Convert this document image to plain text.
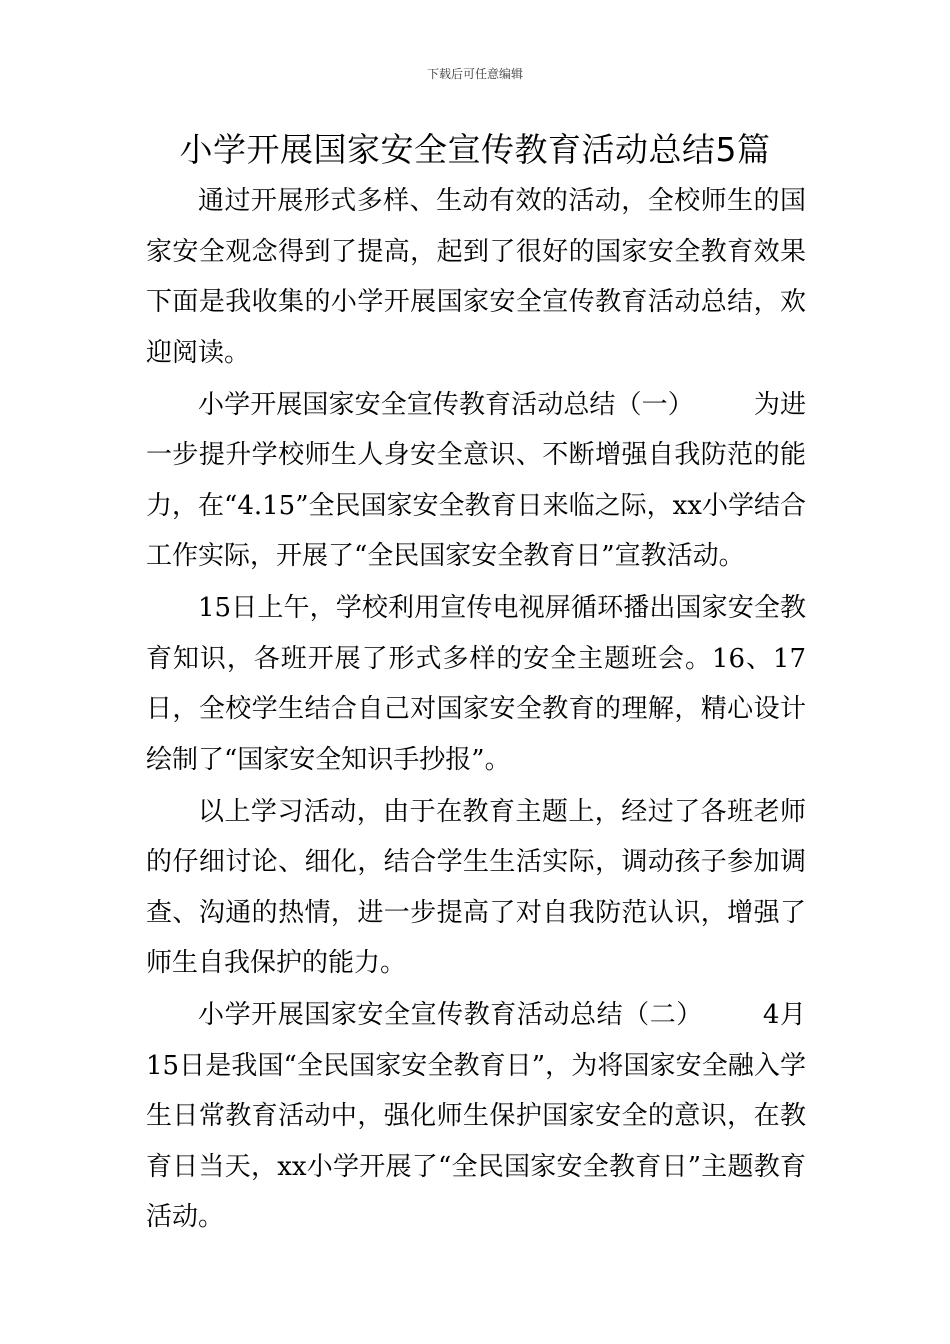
下载后可任意编辑
小学开展国家安全宣传教育活动总结5篇

通过开展形式多样、生动有效的活动，全校师生的国家安全观念得到了提高，起到了很好的国家安全教育效果下面是我收集的小学开展国家安全宣传教育活动总结，欢迎阅读。

小学开展国家安全宣传教育活动总结（一） 为进一步提升学校师生人身安全意识、不断增强自我防范的能力，在“4.15”全民国家安全教育日来临之际，xx小学结合工作实际，开展了“全民国家安全教育日”宣教活动。

15日上午，学校利用宣传电视屏循环播出国家安全教育知识，各班开展了形式多样的安全主题班会。16、17日，全校学生结合自己对国家安全教育的理解，精心设计绘制了“国家安全知识手抄报”。

以上学习活动，由于在教育主题上，经过了各班老师的仔细讨论、细化，结合学生生活实际，调动孩子参加调查、沟通的热情，进一步提高了对自我防范认识，增强了师生自我保护的能力。

小学开展国家安全宣传教育活动总结（二） 4月15日是我国“全民国家安全教育日”，为将国家安全融入学生日常教育活动中，强化师生保护国家安全的意识，在教育日当天，xx小学开展了“全民国家安全教育日”主题教育活动。
